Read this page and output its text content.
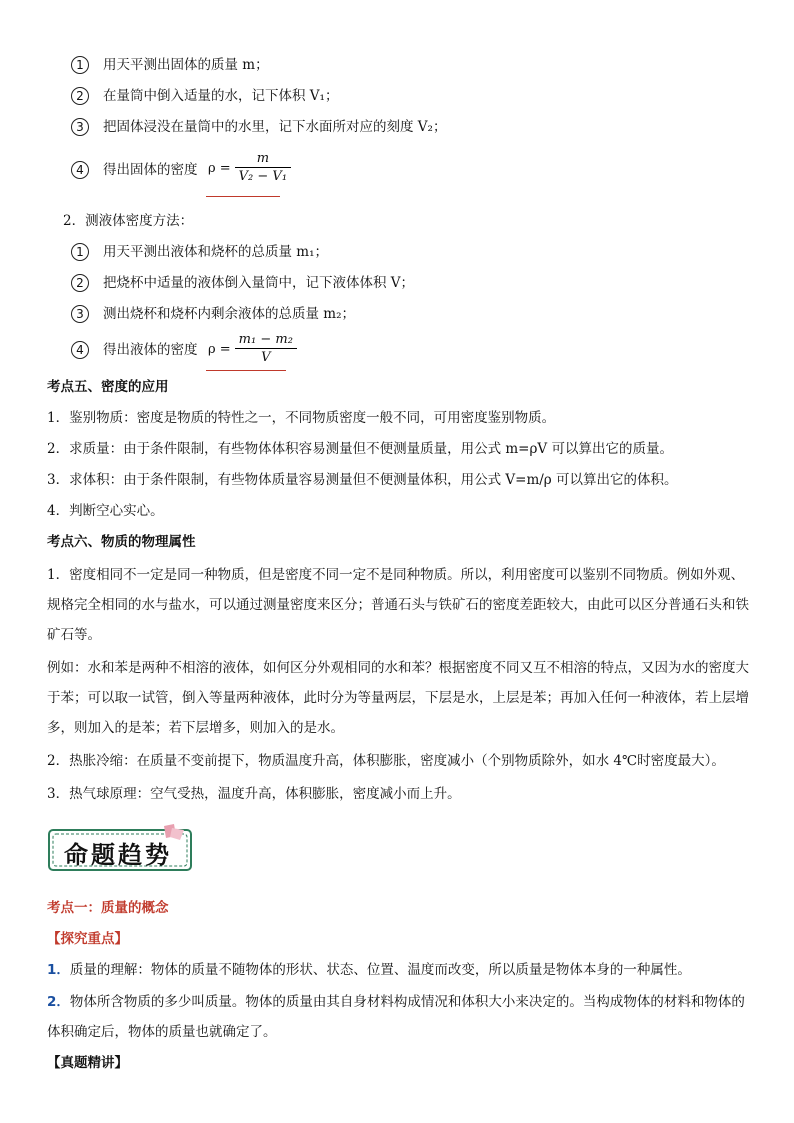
1	用天平测出固体的质量 m；
2	在量筒中倒入适量的水，记下体积 V₁；
3	把固体浸没在量筒中的水里，记下水面所对应的刻度 V₂；
4	得出固体的密度 $\rho = \frac{m}{\text{V₂ − V₁}}$
2．测液体密度方法：
1	用天平测出液体和烧杯的总质量 m₁；
2	把烧杯中适量的液体倒入量筒中，记下液体体积 V；
3	测出烧杯和烧杯内剩余液体的总质量 m₂；
4	得出液体的密度 $\rho = \frac{\text{m₁ − m₂}}{V}$
考点五、密度的应用
1．鉴别物质：密度是物质的特性之一，不同物质密度一般不同，可用密度鉴别物质。
2．求质量：由于条件限制，有些物体体积容易测量但不便测量质量，用公式 m=ρV 可以算出它的质量。
3．求体积：由于条件限制，有些物体质量容易测量但不便测量体积，用公式 V=m/ρ 可以算出它的体积。
4．判断空心实心。
考点六、物质的物理属性
1．密度相同不一定是同一种物质，但是密度不同一定不是同种物质。所以，利用密度可以鉴别不同物质。例如外观、规格完全相同的水与盐水，可以通过测量密度来区分；普通石头与铁矿石的密度差距较大，由此可以区分普通石头和铁矿石等。
例如：水和苯是两种不相溶的液体，如何区分外观相同的水和苯？根据密度不同又互不相溶的特点，又因为水的密度大于苯；可以取一试管，倒入等量两种液体，此时分为等量两层，下层是水，上层是苯；再加入任何一种液体，若上层增多，则加入的是苯；若下层增多，则加入的是水。
2．热胀冷缩：在质量不变前提下，物质温度升高，体积膨胀，密度减小（个别物质除外，如水 4℃时密度最大）。
3．热气球原理：空气受热，温度升高，体积膨胀，密度减小而上升。
命题趋势
考点一：质量的概念
【探究重点】
1．质量的理解：物体的质量不随物体的形状、状态、位置、温度而改变，所以质量是物体本身的一种属性。
2．物体所含物质的多少叫质量。物体的质量由其自身材料构成情况和体积大小来决定的。当构成物体的材料和物体的体积确定后，物体的质量也就确定了。
【真题精讲】
